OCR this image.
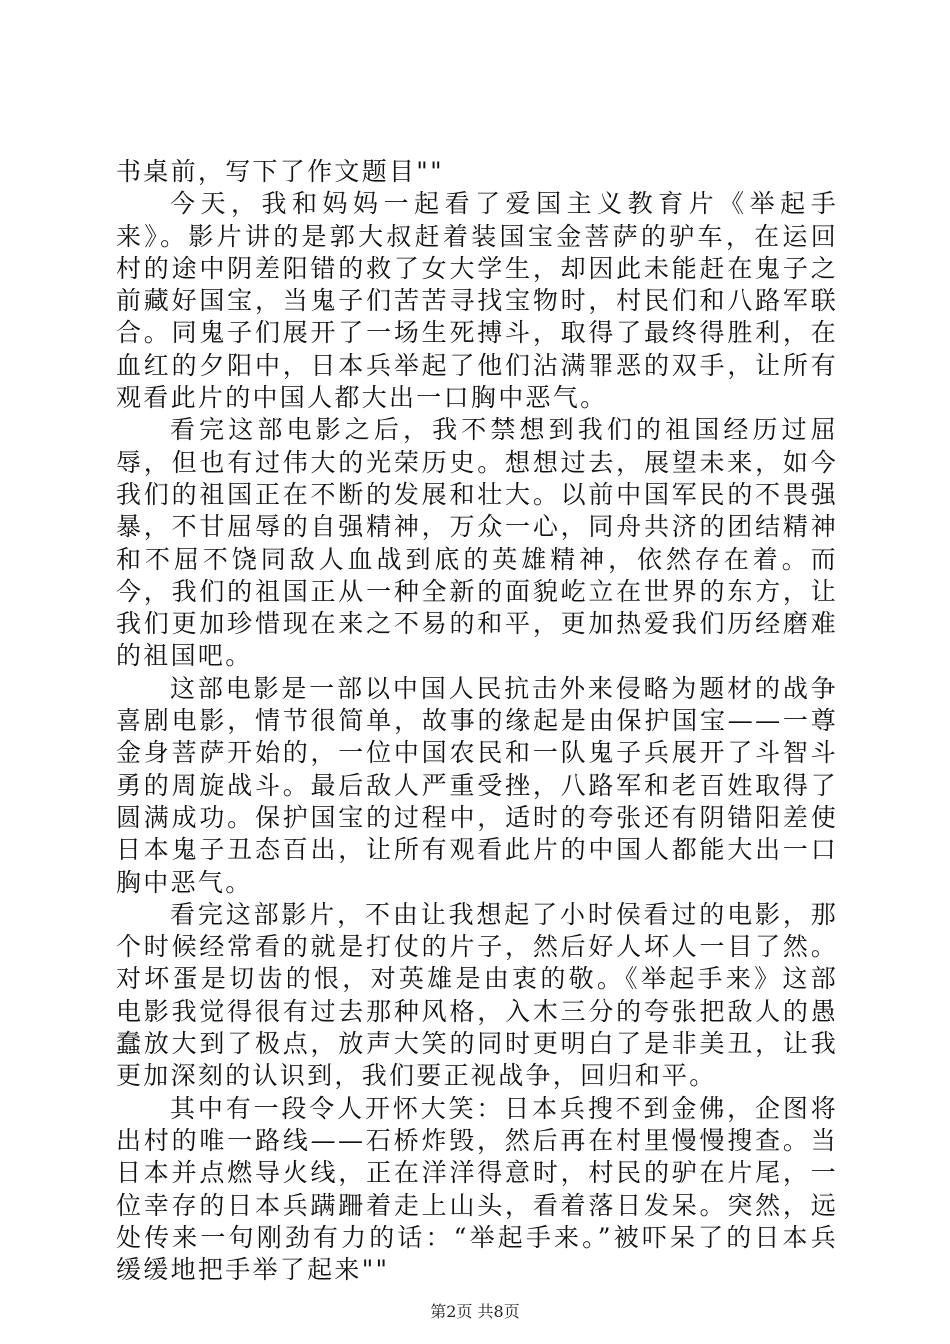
书桌前，写下了作文题目""

今天，我和妈妈一起看了爱国主义教育片《举起手来》。影片讲的是郭大叔赶着装国宝金菩萨的驴车，在运回村的途中阴差阳错的救了女大学生，却因此未能赶在鬼子之前藏好国宝，当鬼子们苦苦寻找宝物时，村民们和八路军联合。同鬼子们展开了一场生死搏斗，取得了最终得胜利，在血红的夕阳中，日本兵举起了他们沾满罪恶的双手，让所有观看此片的中国人都大出一口胸中恶气。

看完这部电影之后，我不禁想到我们的祖国经历过屈辱，但也有过伟大的光荣历史。想想过去，展望未来，如今我们的祖国正在不断的发展和壮大。以前中国军民的不畏强暴，不甘屈辱的自强精神，万众一心，同舟共济的团结精神和不屈不饶同敌人血战到底的英雄精神，依然存在着。而今，我们的祖国正从一种全新的面貌屹立在世界的东方，让我们更加珍惜现在来之不易的和平，更加热爱我们历经磨难的祖国吧。

这部电影是一部以中国人民抗击外来侵略为题材的战争喜剧电影，情节很简单，故事的缘起是由保护国宝——一尊金身菩萨开始的，一位中国农民和一队鬼子兵展开了斗智斗勇的周旋战斗。最后敌人严重受挫，八路军和老百姓取得了圆满成功。保护国宝的过程中，适时的夸张还有阴错阳差使日本鬼子丑态百出，让所有观看此片的中国人都能大出一口胸中恶气。

看完这部影片，不由让我想起了小时侯看过的电影，那个时候经常看的就是打仗的片子，然后好人坏人一目了然。对坏蛋是切齿的恨，对英雄是由衷的敬。《举起手来》这部电影我觉得很有过去那种风格，入木三分的夸张把敌人的愚蠢放大到了极点，放声大笑的同时更明白了是非美丑，让我更加深刻的认识到，我们要正视战争，回归和平。

其中有一段令人开怀大笑：日本兵搜不到金佛，企图将出村的唯一路线——石桥炸毁，然后再在村里慢慢搜查。当日本并点燃导火线，正在洋洋得意时，村民的驴在片尾，一位幸存的日本兵蹒跚着走上山头，看着落日发呆。突然，远处传来一句刚劲有力的话：“举起手来。”被吓呆了的日本兵缓缓地把手举了起来""

第2页 共8页
